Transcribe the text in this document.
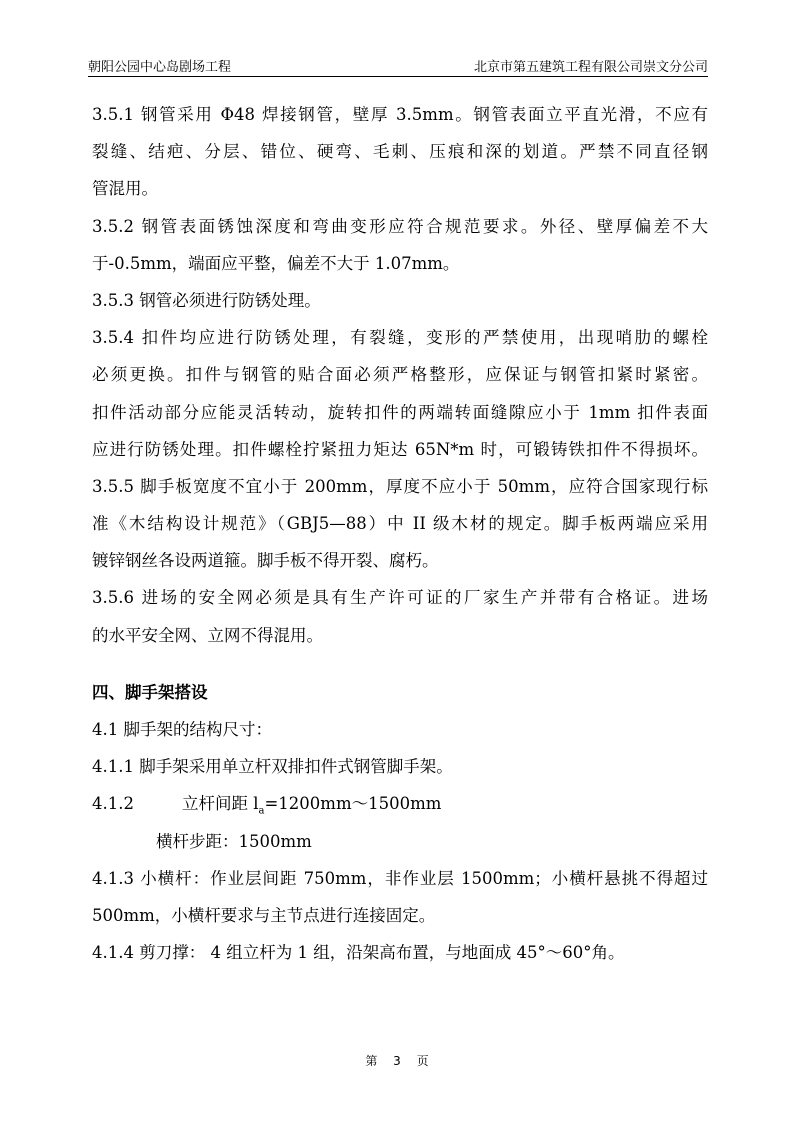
朝阳公园中心岛剧场工程	北京市第五建筑工程有限公司崇文分公司
3.5.1 钢管采用 Φ48 焊接钢管，壁厚 3.5mm。钢管表面立平直光滑，不应有
裂缝、结疤、分层、错位、硬弯、毛刺、压痕和深的划道。严禁不同直径钢
管混用。
3.5.2 钢管表面锈蚀深度和弯曲变形应符合规范要求。外径、壁厚偏差不大
于-0.5mm，端面应平整，偏差不大于 1.07mm。
3.5.3 钢管必须进行防锈处理。
3.5.4 扣件均应进行防锈处理，有裂缝，变形的严禁使用，出现哨肋的螺栓
必须更换。扣件与钢管的贴合面必须严格整形，应保证与钢管扣紧时紧密。
扣件活动部分应能灵活转动，旋转扣件的两端转面缝隙应小于 1mm 扣件表面
应进行防锈处理。扣件螺栓拧紧扭力矩达 65N*m 时，可锻铸铁扣件不得损坏。
3.5.5 脚手板宽度不宜小于 200mm，厚度不应小于 50mm，应符合国家现行标
准《木结构设计规范》（GBJ5—88）中 II 级木材的规定。脚手板两端应采用
镀锌钢丝各设两道箍。脚手板不得开裂、腐朽。
3.5.6 进场的安全网必须是具有生产许可证的厂家生产并带有合格证。进场
的水平安全网、立网不得混用。
四、脚手架搭设
4.1 脚手架的结构尺寸：
4.1.1 脚手架采用单立杆双排扣件式钢管脚手架。
4.1.2	立杆间距 $l_a=1200mm\sim 1500mm$
横杆步距：1500mm
4.1.3 小横杆：作业层间距 750mm，非作业层 1500mm；小横杆悬挑不得超过
500mm，小横杆要求与主节点进行连接固定。
4.1.4 剪刀撑： 4 组立杆为 1 组，沿架高布置，与地面成 45°～60°角。
第 3 页
